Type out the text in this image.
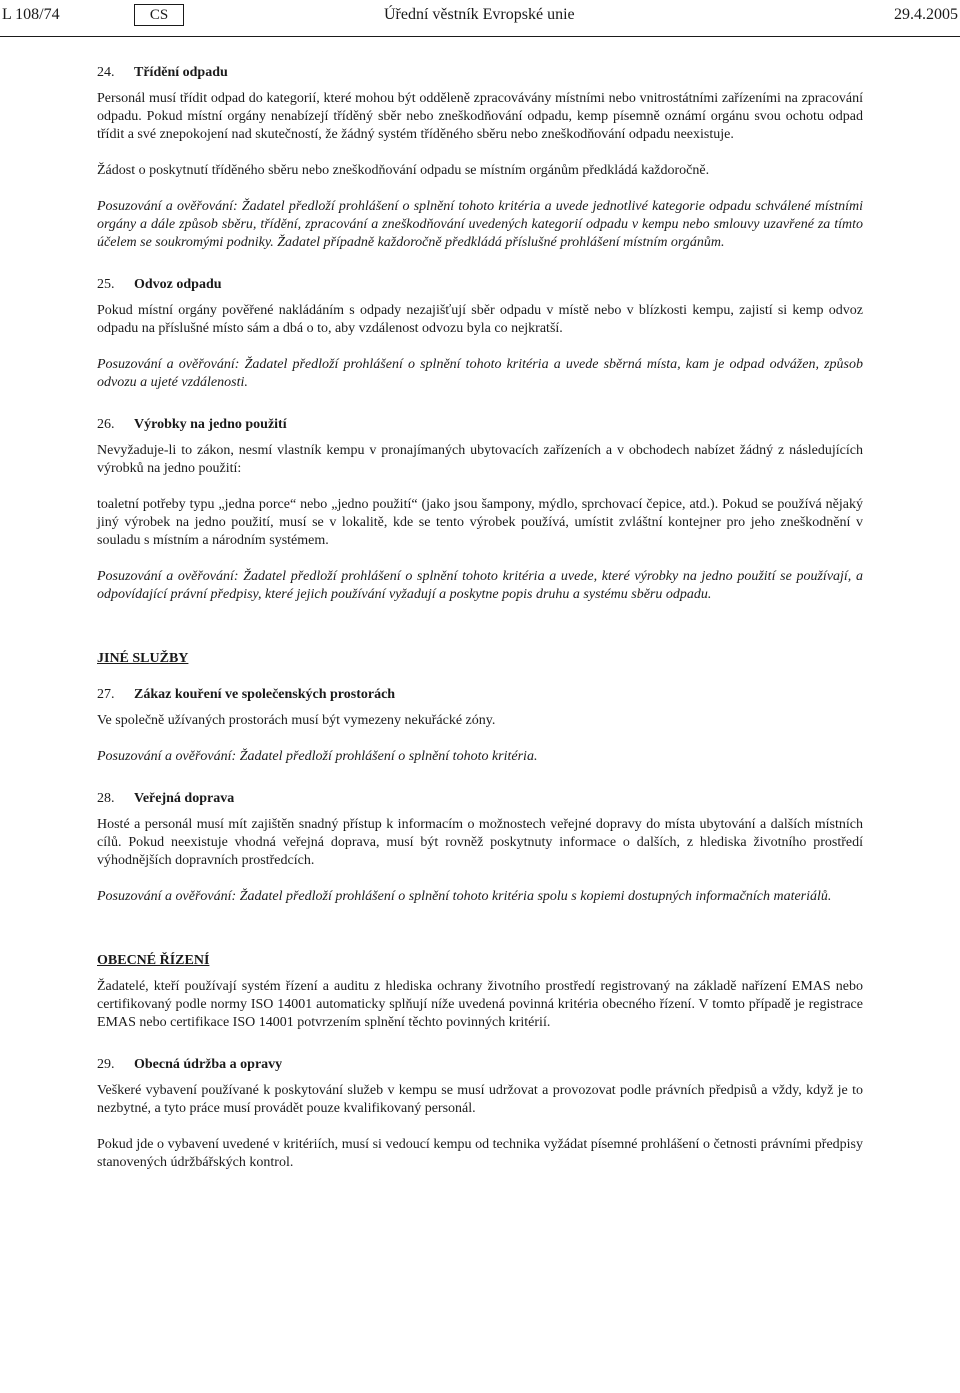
L 108/74	CS	Úřední věstník Evropské unie	29.4.2005

24. Třídění odpadu

Personál musí třídit odpad do kategorií, které mohou být odděleně zpracovávány místními nebo vnitrostátními zařízeními na zpracování odpadu. Pokud místní orgány nenabízejí tříděný sběr nebo zneškodňování odpadu, kemp písemně oznámí orgánu svou ochotu odpad třídit a své znepokojení nad skutečností, že žádný systém tříděného sběru nebo zneškodňování odpadu neexistuje.

Žádost o poskytnutí tříděného sběru nebo zneškodňování odpadu se místním orgánům předkládá každoročně.

Posuzování a ověřování: Žadatel předloží prohlášení o splnění tohoto kritéria a uvede jednotlivé kategorie odpadu schválené místními orgány a dále způsob sběru, třídění, zpracování a zneškodňování uvedených kategorií odpadu v kempu nebo smlouvy uzavřené za tímto účelem se soukromými podniky. Žadatel případně každoročně předkládá příslušné prohlášení místním orgánům.

25. Odvoz odpadu

Pokud místní orgány pověřené nakládáním s odpady nezajišťují sběr odpadu v místě nebo v blízkosti kempu, zajistí si kemp odvoz odpadu na příslušné místo sám a dbá o to, aby vzdálenost odvozu byla co nejkratší.

Posuzování a ověřování: Žadatel předloží prohlášení o splnění tohoto kritéria a uvede sběrná místa, kam je odpad odvážen, způsob odvozu a ujeté vzdálenosti.

26. Výrobky na jedno použití

Nevyžaduje-li to zákon, nesmí vlastník kempu v pronajímaných ubytovacích zařízeních a v obchodech nabízet žádný z následujících výrobků na jedno použití:

toaletní potřeby typu „jedna porce“ nebo „jedno použití“ (jako jsou šampony, mýdlo, sprchovací čepice, atd.). Pokud se používá nějaký jiný výrobek na jedno použití, musí se v lokalitě, kde se tento výrobek používá, umístit zvláštní kontejner pro jeho zneškodnění v souladu s místním a národním systémem.

Posuzování a ověřování: Žadatel předloží prohlášení o splnění tohoto kritéria a uvede, které výrobky na jedno použití se používají, a odpovídající právní předpisy, které jejich používání vyžadují a poskytne popis druhu a systému sběru odpadu.

JINÉ SLUŽBY

27. Zákaz kouření ve společenských prostorách

Ve společně užívaných prostorách musí být vymezeny nekuřácké zóny.

Posuzování a ověřování: Žadatel předloží prohlášení o splnění tohoto kritéria.

28. Veřejná doprava

Hosté a personál musí mít zajištěn snadný přístup k informacím o možnostech veřejné dopravy do místa ubytování a dalších místních cílů. Pokud neexistuje vhodná veřejná doprava, musí být rovněž poskytnuty informace o dalších, z hlediska životního prostředí výhodnějších dopravních prostředcích.

Posuzování a ověřování: Žadatel předloží prohlášení o splnění tohoto kritéria spolu s kopiemi dostupných informačních materiálů.

OBECNÉ ŘÍZENÍ

Žadatelé, kteří používají systém řízení a auditu z hlediska ochrany životního prostředí registrovaný na základě nařízení EMAS nebo certifikovaný podle normy ISO 14001 automaticky splňují níže uvedená povinná kritéria obecného řízení. V tomto případě je registrace EMAS nebo certifikace ISO 14001 potvrzením splnění těchto povinných kritérií.

29. Obecná údržba a opravy

Veškeré vybavení používané k poskytování služeb v kempu se musí udržovat a provozovat podle právních předpisů a vždy, když je to nezbytné, a tyto práce musí provádět pouze kvalifikovaný personál.

Pokud jde o vybavení uvedené v kritériích, musí si vedoucí kempu od technika vyžádat písemné prohlášení o četnosti právními předpisy stanovených údržbářských kontrol.
